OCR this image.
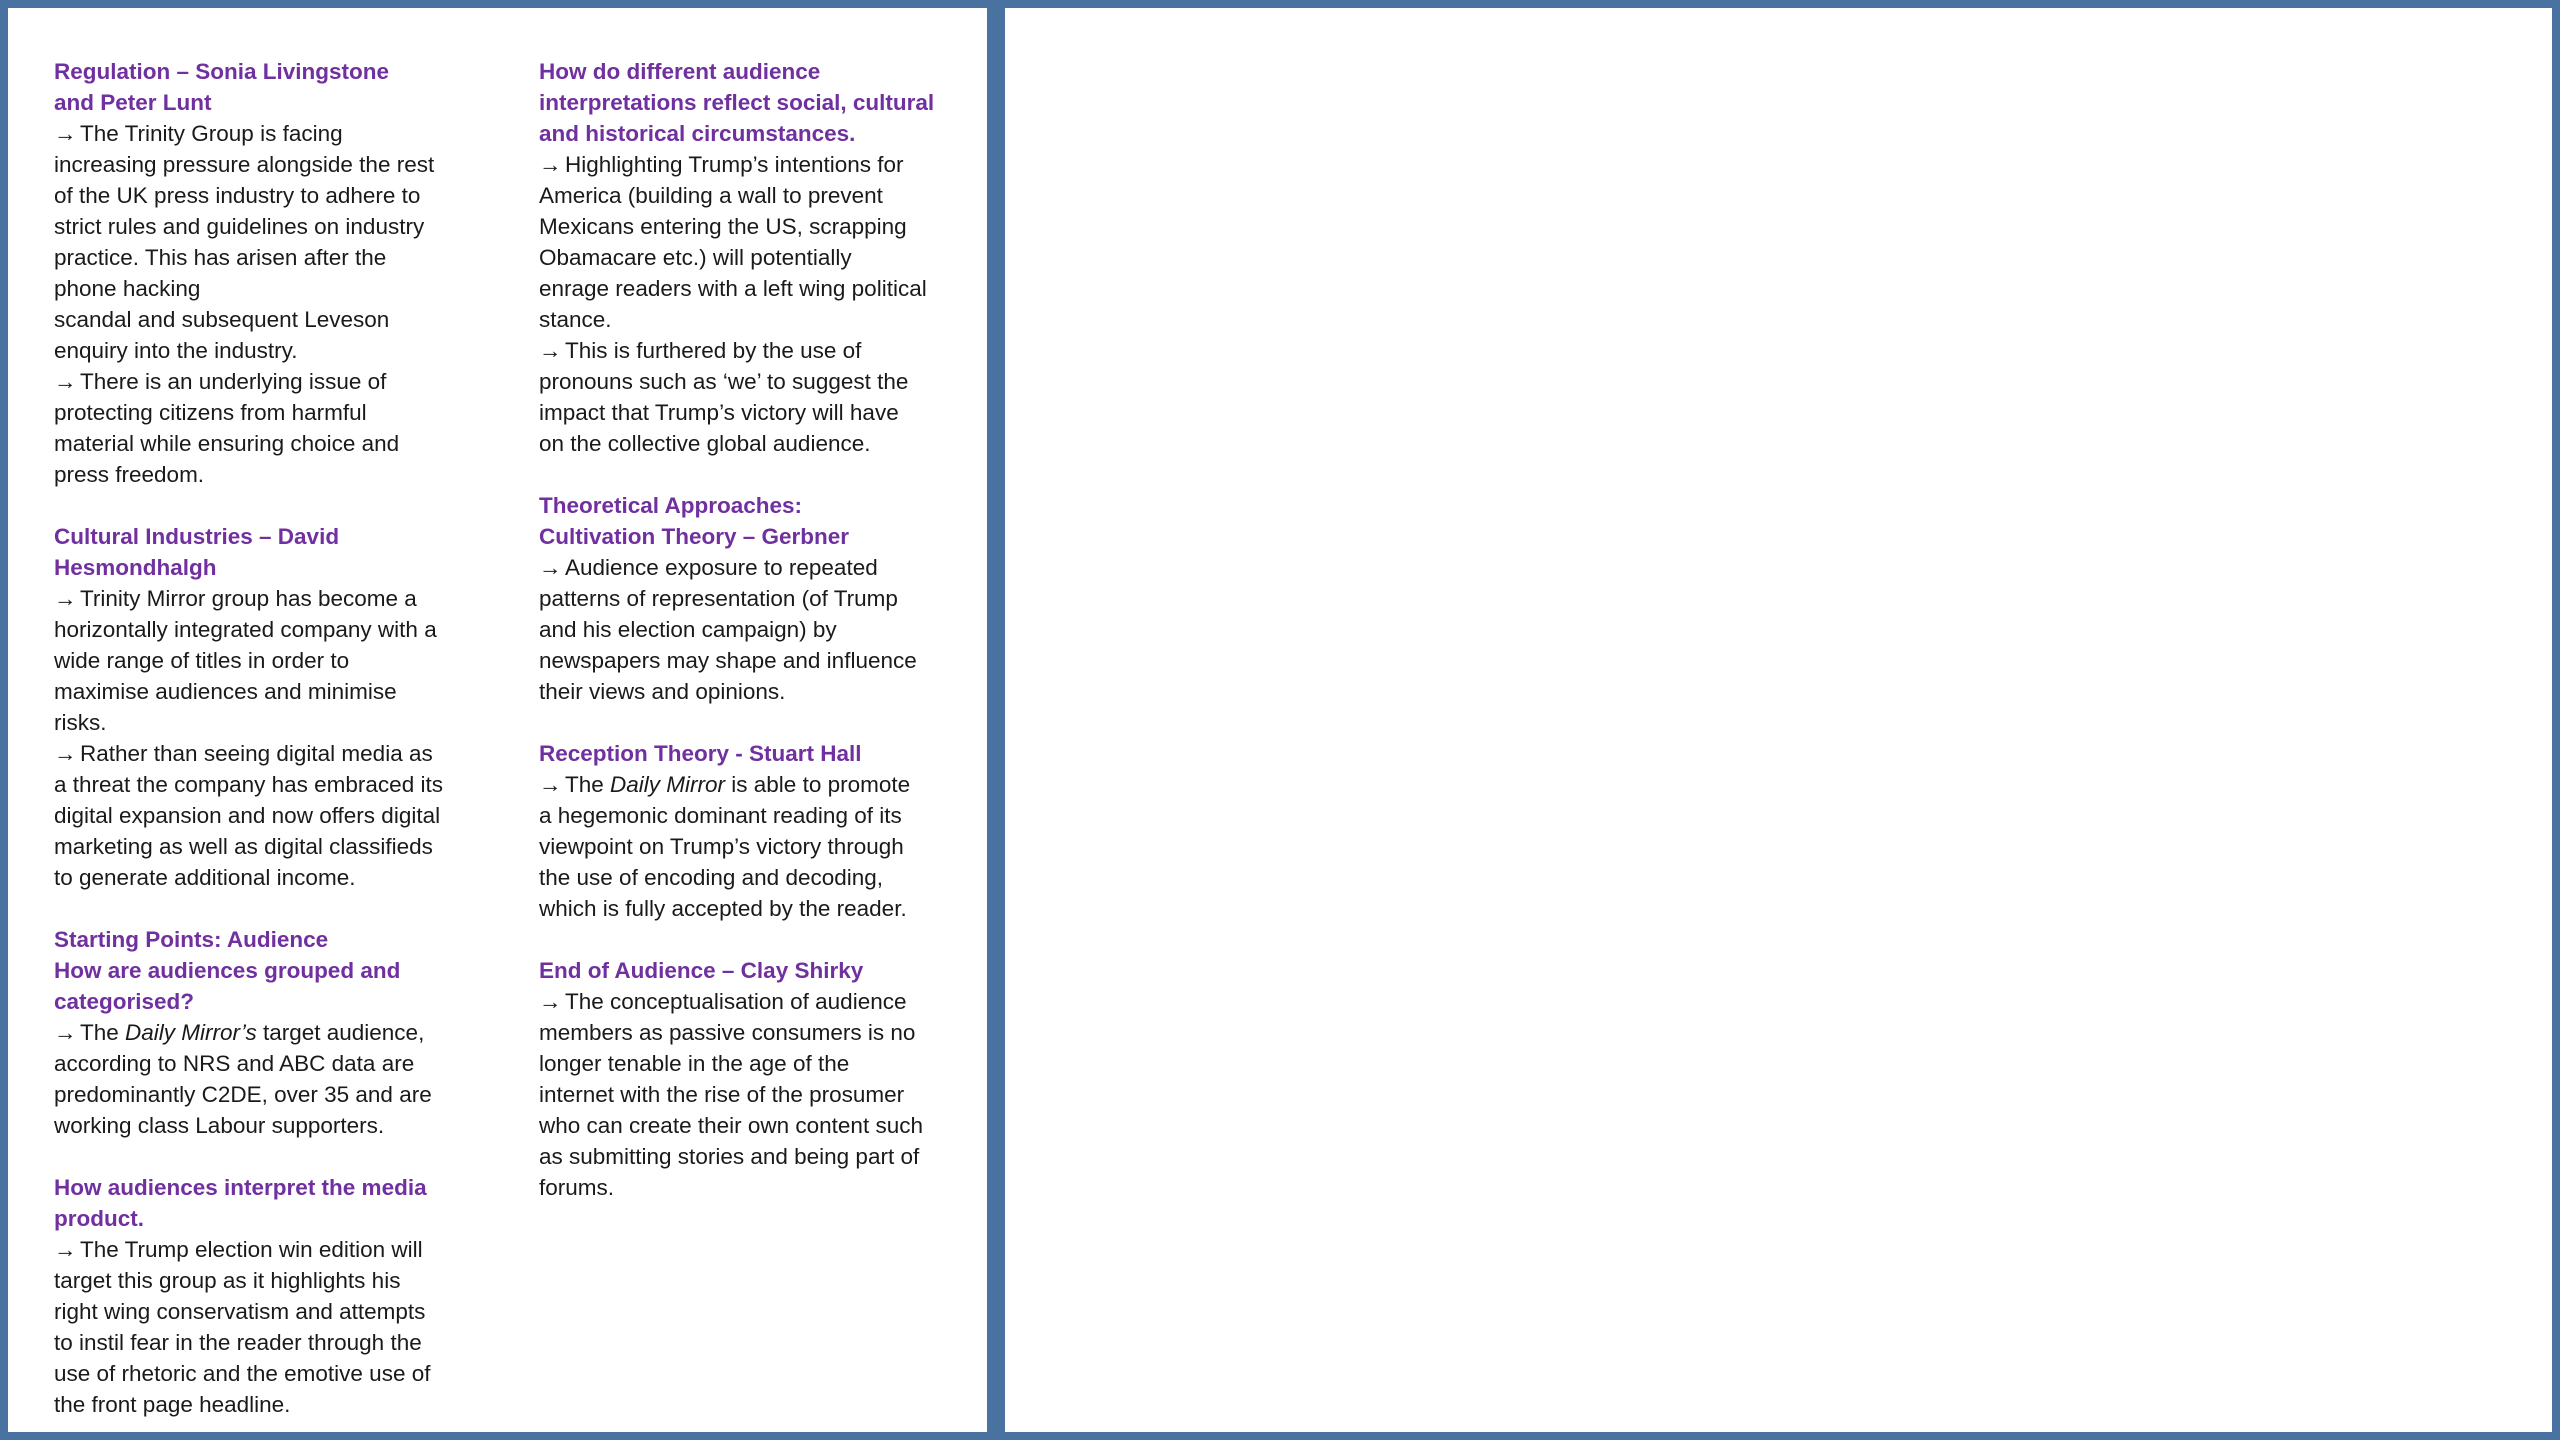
Regulation – Sonia Livingstone
and Peter Lunt
→ The Trinity Group is facing
increasing pressure alongside the rest
of the UK press industry to adhere to
strict rules and guidelines on industry
practice. This has arisen after the
phone hacking
scandal and subsequent Leveson
enquiry into the industry.
→ There is an underlying issue of
protecting citizens from harmful
material while ensuring choice and
press freedom.
Cultural Industries – David
Hesmondhalgh
→ Trinity Mirror group has become a
horizontally integrated company with a
wide range of titles in order to
maximise audiences and minimise
risks.
→ Rather than seeing digital media as
a threat the company has embraced its
digital expansion and now offers digital
marketing as well as digital classifieds
to generate additional income.
Starting Points: Audience
How are audiences grouped and
categorised?
→ The Daily Mirror’s target audience,
according to NRS and ABC data are
predominantly C2DE, over 35 and are
working class Labour supporters.
How audiences interpret the media
product.
→ The Trump election win edition will
target this group as it highlights his
right wing conservatism and attempts
to instil fear in the reader through the
use of rhetoric and the emotive use of
the front page headline.
How do different audience
interpretations reflect social, cultural
and historical circumstances.
→ Highlighting Trump’s intentions for
America (building a wall to prevent
Mexicans entering the US, scrapping
Obamacare etc.) will potentially
enrage readers with a left wing political
stance.
→ This is furthered by the use of
pronouns such as ‘we’ to suggest the
impact that Trump’s victory will have
on the collective global audience.
Theoretical Approaches:
Cultivation Theory – Gerbner
→ Audience exposure to repeated
patterns of representation (of Trump
and his election campaign) by
newspapers may shape and influence
their views and opinions.
Reception Theory - Stuart Hall
→ The Daily Mirror is able to promote
a hegemonic dominant reading of its
viewpoint on Trump’s victory through
the use of encoding and decoding,
which is fully accepted by the reader.
End of Audience – Clay Shirky
→ The conceptualisation of audience
members as passive consumers is no
longer tenable in the age of the
internet with the rise of the prosumer
who can create their own content such
as submitting stories and being part of
forums.
